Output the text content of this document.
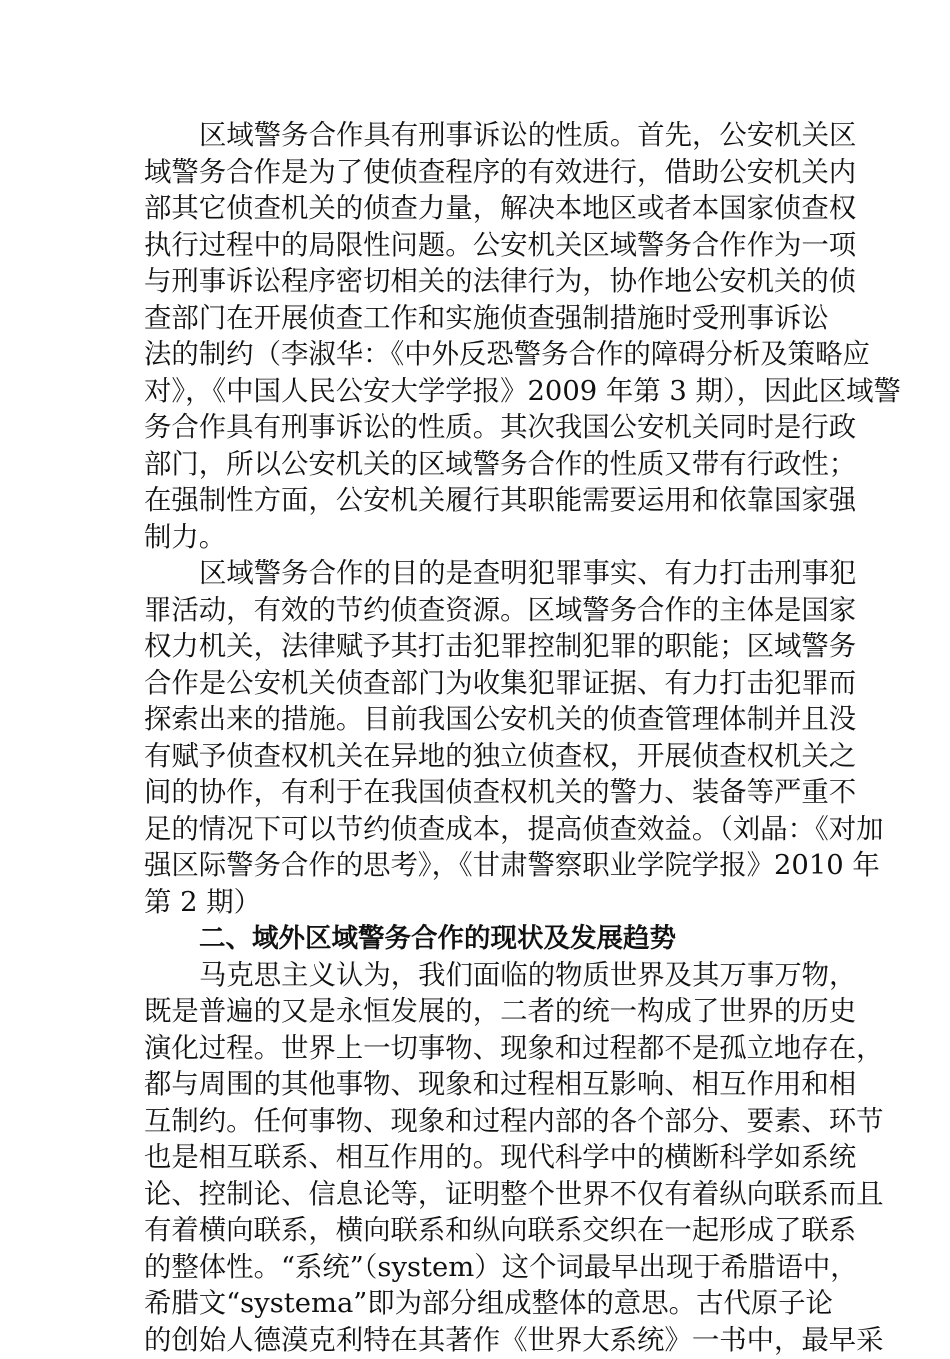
区域警务合作具有刑事诉讼的性质。首先，公安机关区
域警务合作是为了使侦查程序的有效进行，借助公安机关内
部其它侦查机关的侦查力量，解决本地区或者本国家侦查权
执行过程中的局限性问题。公安机关区域警务合作作为一项
与刑事诉讼程序密切相关的法律行为，协作地公安机关的侦
查部门在开展侦查工作和实施侦查强制措施时受刑事诉讼
法的制约（李淑华：《中外反恐警务合作的障碍分析及策略应
对》，《中国人民公安大学学报》2009 年第 3 期），因此区域警
务合作具有刑事诉讼的性质。其次我国公安机关同时是行政
部门，所以公安机关的区域警务合作的性质又带有行政性；
在强制性方面，公安机关履行其职能需要运用和依靠国家强
制力。
区域警务合作的目的是查明犯罪事实、有力打击刑事犯
罪活动，有效的节约侦查资源。区域警务合作的主体是国家
权力机关，法律赋予其打击犯罪控制犯罪的职能；区域警务
合作是公安机关侦查部门为收集犯罪证据、有力打击犯罪而
探索出来的措施。目前我国公安机关的侦查管理体制并且没
有赋予侦查权机关在异地的独立侦查权，开展侦查权机关之
间的协作，有利于在我国侦查权机关的警力、装备等严重不
足的情况下可以节约侦查成本，提高侦查效益。（刘晶：《对加
强区际警务合作的思考》，《甘肃警察职业学院学报》2010 年
第 2 期）
二、域外区域警务合作的现状及发展趋势
马克思主义认为，我们面临的物质世界及其万事万物，
既是普遍的又是永恒发展的，二者的统一构成了世界的历史
演化过程。世界上一切事物、现象和过程都不是孤立地存在，
都与周围的其他事物、现象和过程相互影响、相互作用和相
互制约。任何事物、现象和过程内部的各个部分、要素、环节
也是相互联系、相互作用的。现代科学中的横断科学如系统
论、控制论、信息论等，证明整个世界不仅有着纵向联系而且
有着横向联系，横向联系和纵向联系交织在一起形成了联系
的整体性。“系统”（system）这个词最早出现于希腊语中，
希腊文“systema”即为部分组成整体的意思。古代原子论
的创始人德漠克利特在其著作《世界大系统》一书中，最早采
